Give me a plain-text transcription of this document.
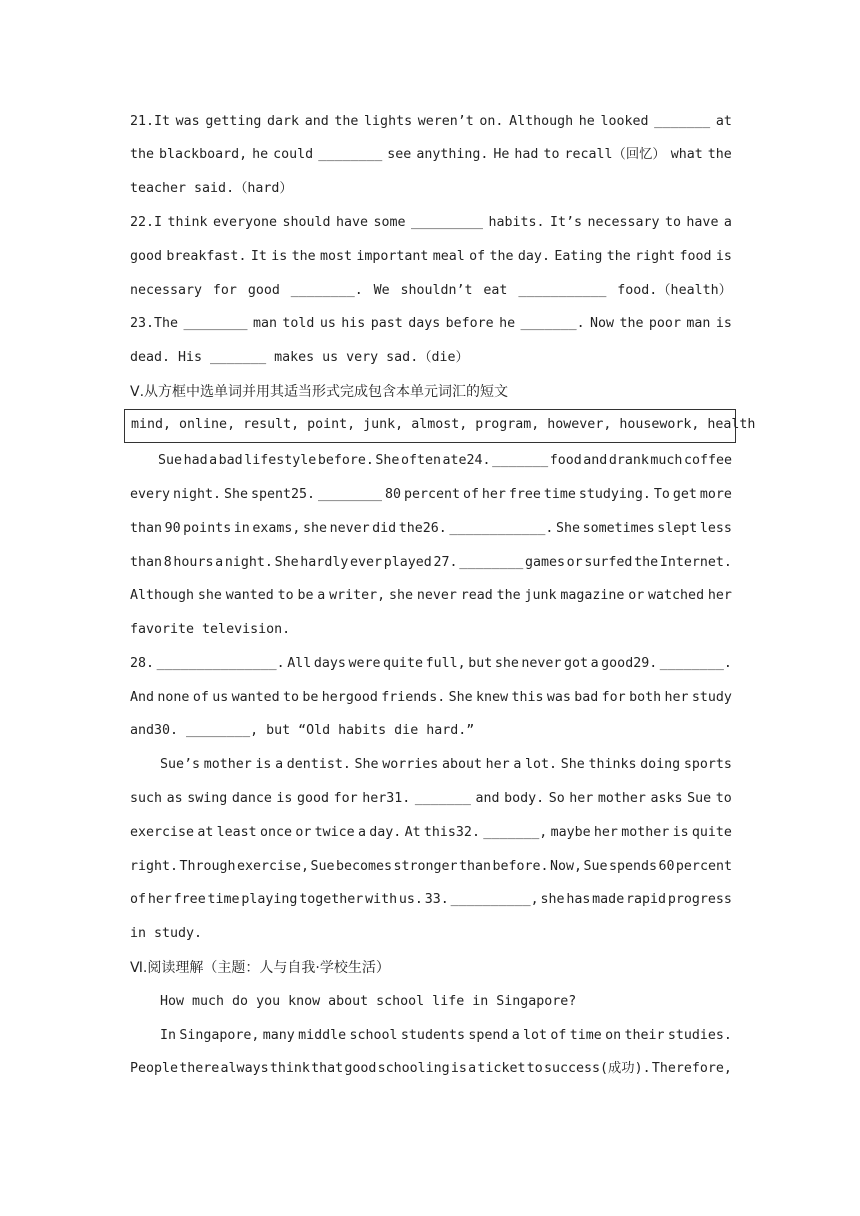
21.It was getting dark and the lights weren’t on. Although he looked _______ at
the blackboard, he could ________ see anything. He had to recall（回忆） what the
teacher said.（hard）
22.I think everyone should have some _________ habits. It’s necessary to have a
good breakfast. It is the most important meal of the day. Eating the right food is
necessary for good ________. We shouldn’t eat ___________ food.（health）
23.The ________ man told us his past days before he _______. Now the poor man is
dead. His _______ makes us very sad.（die）
Ⅴ.从方框中选单词并用其适当形式完成包含本单元词汇的短文
Sue had a bad lifestyle before. She often ate24. _______ food and drank much coffee
every night. She spent25. ________ 80 percent of her free time studying. To get more
than 90 points in exams, she never did the26. ____________. She sometimes slept less
than 8 hours a night. She hardly ever played 27. ________ games or surfed the Internet.
Although she wanted to be a writer, she never read the junk magazine or watched her
favorite television.
28. _______________. All days were quite full, but she never got a good29. ________.
And none of us wanted to be hergood friends. She knew this was bad for both her study
and30. ________, but “Old habits die hard.”
Sue’s mother is a dentist. She worries about her a lot. She thinks doing sports
such as swing dance is good for her31. _______ and body. So her mother asks Sue to
exercise at least once or twice a day. At this32. _______, maybe her mother is quite
right. Through exercise, Sue becomes stronger than before. Now, Sue spends 60 percent
of her free time playing together with us. 33. __________, she has made rapid progress
in study.
Ⅵ.阅读理解（主题：人与自我·学校生活）
How much do you know about school life in Singapore?
In Singapore, many middle school students spend a lot of time on their studies.
People there always think that good schooling is a ticket to success(成功). Therefore,
mind, online, result, point, junk, almost, program, however, housework, health
